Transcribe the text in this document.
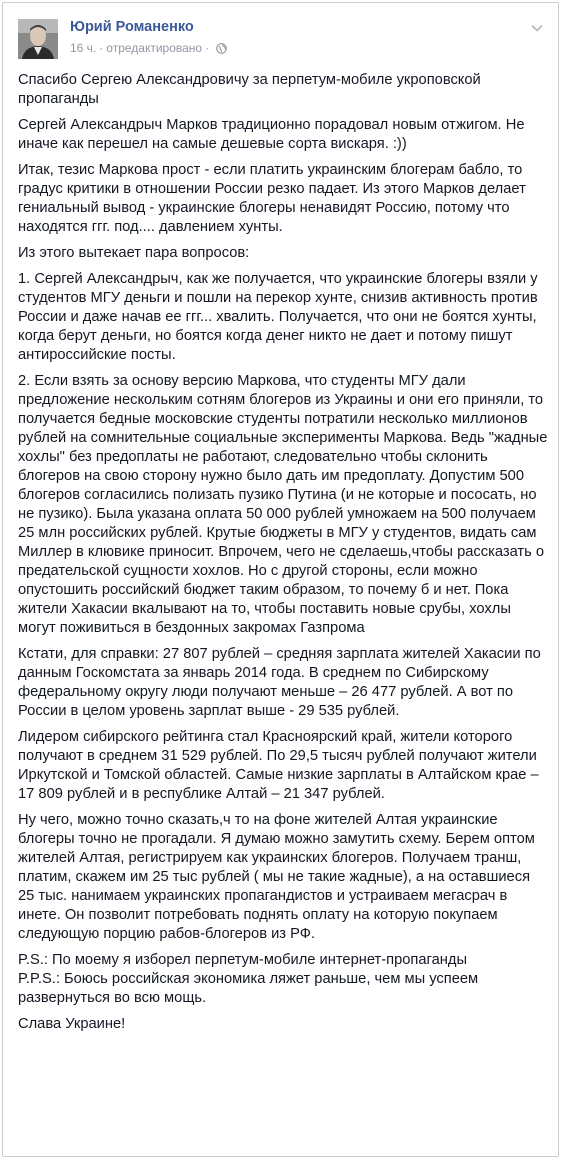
Юрий Романенко
16 ч. · отредактировано ·

Спасибо Сергею Александровичу за перпетум-мобиле укроповской пропаганды

Сергей Александрыч Марков традиционно порадовал новым отжигом. Не иначе как перешел на самые дешевые сорта вискаря. :))

Итак, тезис Маркова прост - если платить украинским блогерам бабло, то градус критики в отношении России резко падает. Из этого Марков делает гениальный вывод - украинские блогеры ненавидят Россию, потому что находятся ггг. под.... давлением хунты.

Из этого вытекает пара вопросов:

1. Сергей Александрыч, как же получается, что украинские блогеры взяли у студентов МГУ деньги и пошли на перекор хунте, снизив активность против России и даже начав ее ггг... хвалить. Получается, что они не боятся хунты, когда берут деньги, но боятся когда денег никто не дает и потому пишут антироссийские посты.

2. Если взять за основу версию Маркова, что студенты МГУ дали предложение нескольким сотням блогеров из Украины и они его приняли, то получается бедные московские студенты потратили несколько миллионов рублей на сомнительные социальные эксперименты Маркова. Ведь "жадные хохлы" без предоплаты не работают, следовательно чтобы склонить блогеров на свою сторону нужно было дать им предоплату. Допустим 500 блогеров согласились полизать пузико Путина (и не которые и пососать, но не пузико). Была указана оплата 50 000 рублей умножаем на 500 получаем 25 млн российских рублей. Крутые бюджеты в МГУ у студентов, видать сам Миллер в клювике приносит. Впрочем, чего не сделаешь,чтобы рассказать о предательской сущности хохлов. Но с другой стороны, если можно опустошить российский бюджет таким образом, то почему б и нет. Пока жители Хакасии вкалывают на то, чтобы поставить новые срубы, хохлы могут поживиться в бездонных закромах Газпрома

Кстати, для справки: 27 807 рублей – средняя зарплата жителей Хакасии по данным Госкомстата за январь 2014 года. В среднем по Сибирскому федеральному округу люди получают меньше – 26 477 рублей. А вот по России в целом уровень зарплат выше - 29 535 рублей.

Лидером сибирского рейтинга стал Красноярский край, жители которого получают в среднем 31 529 рублей. По 29,5 тысяч рублей получают жители Иркутской и Томской областей. Самые низкие зарплаты в Алтайском крае – 17 809 рублей и в республике Алтай – 21 347 рублей.

Ну чего, можно точно сказать,ч то на фоне жителей Алтая украинские блогеры точно не прогадали. Я думаю можно замутить схему. Берем оптом жителей Алтая, регистрируем как украинских блогеров. Получаем транш, платим, скажем им 25 тыс рублей ( мы не такие жадные), а на оставшиеся 25 тыс. нанимаем украинских пропагандистов и устраиваем мегасрач в инете. Он позволит потребовать поднять оплату на которую покупаем следующую порцию рабов-блогеров из РФ.

P.S.: По моему я изборел перпетум-мобиле интернет-пропаганды

P.P.S.: Боюсь российская экономика ляжет раньше, чем мы успеем развернуться во всю мощь.

Слава Украине!
